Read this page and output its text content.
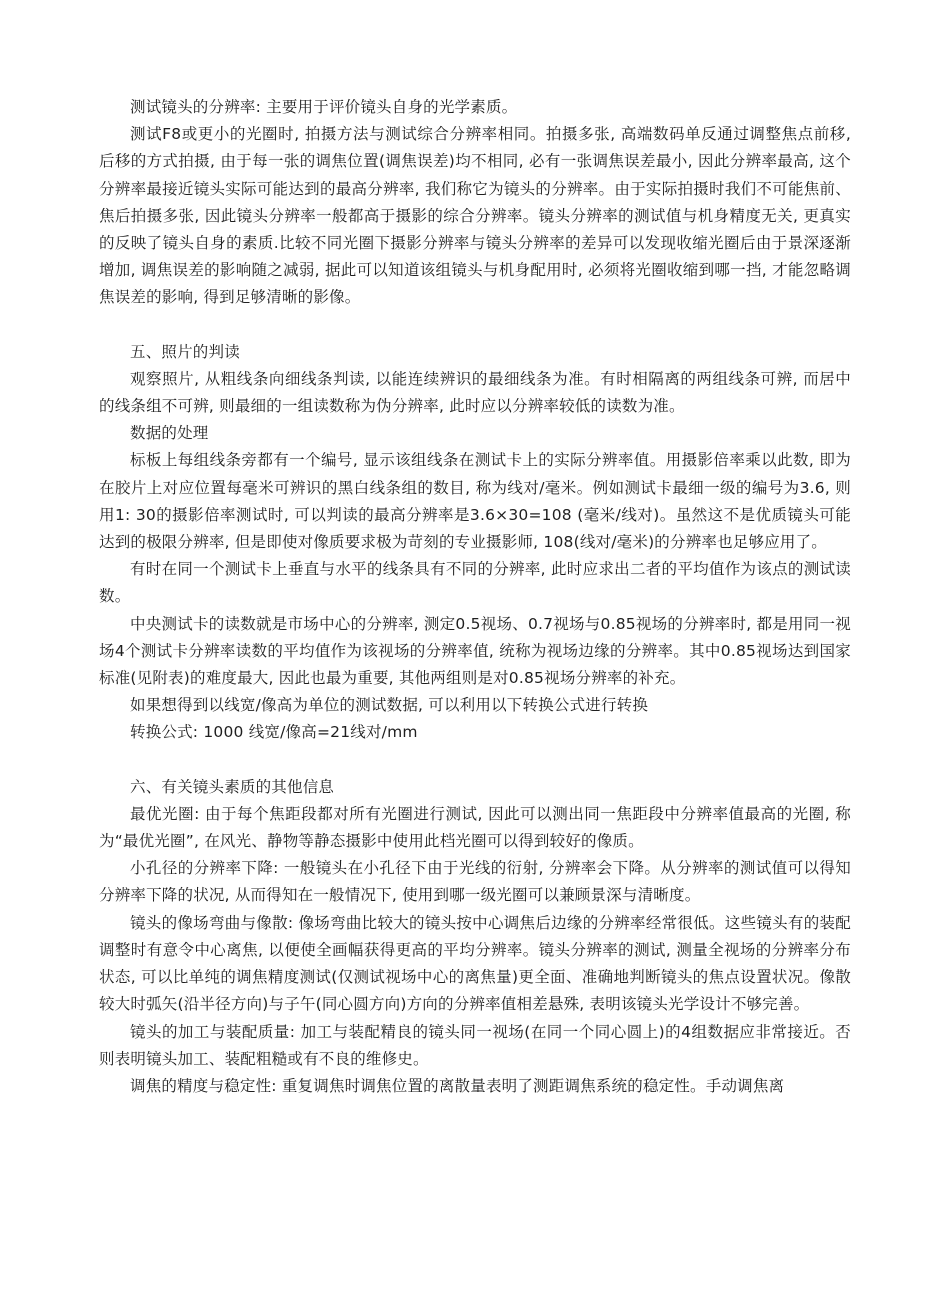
测试镜头的分辨率: 主要用于评价镜头自身的光学素质。

测试F8或更小的光圈时, 拍摄方法与测试综合分辨率相同。拍摄多张, 高端数码单反通过调整焦点前移, 后移的方式拍摄, 由于每一张的调焦位置(调焦误差)均不相同, 必有一张调焦误差最小, 因此分辨率最高, 这个分辨率最接近镜头实际可能达到的最高分辨率, 我们称它为镜头的分辨率。由于实际拍摄时我们不可能焦前、焦后拍摄多张, 因此镜头分辨率一般都高于摄影的综合分辨率。镜头分辨率的测试值与机身精度无关, 更真实的反映了镜头自身的素质.比较不同光圈下摄影分辨率与镜头分辨率的差异可以发现收缩光圈后由于景深逐渐增加, 调焦误差的影响随之减弱, 据此可以知道该组镜头与机身配用时, 必须将光圈收缩到哪一挡, 才能忽略调焦误差的影响, 得到足够清晰的影像。

五、照片的判读

观察照片, 从粗线条向细线条判读, 以能连续辨识的最细线条为准。有时相隔离的两组线条可辨, 而居中的线条组不可辨, 则最细的一组读数称为伪分辨率, 此时应以分辨率较低的读数为准。

数据的处理

标板上每组线条旁都有一个编号, 显示该组线条在测试卡上的实际分辨率值。用摄影倍率乘以此数, 即为在胶片上对应位置每毫米可辨识的黑白线条组的数目, 称为线对/毫米。例如测试卡最细一级的编号为3.6, 则用1: 30的摄影倍率测试时, 可以判读的最高分辨率是3.6×30=108 (毫米/线对)。虽然这不是优质镜头可能达到的极限分辨率, 但是即使对像质要求极为苛刻的专业摄影师, 108(线对/毫米)的分辨率也足够应用了。

有时在同一个测试卡上垂直与水平的线条具有不同的分辨率, 此时应求出二者的平均值作为该点的测试读数。

中央测试卡的读数就是市场中心的分辨率, 测定0.5视场、0.7视场与0.85视场的分辨率时, 都是用同一视场4个测试卡分辨率读数的平均值作为该视场的分辨率值, 统称为视场边缘的分辨率。其中0.85视场达到国家标准(见附表)的难度最大, 因此也最为重要, 其他两组则是对0.85视场分辨率的补充。

如果想得到以线宽/像高为单位的测试数据, 可以利用以下转换公式进行转换

转换公式: 1000 线宽/像高=21线对/mm

六、有关镜头素质的其他信息

最优光圈: 由于每个焦距段都对所有光圈进行测试, 因此可以测出同一焦距段中分辨率值最高的光圈, 称为“最优光圈”, 在风光、静物等静态摄影中使用此档光圈可以得到较好的像质。

小孔径的分辨率下降: 一般镜头在小孔径下由于光线的衍射, 分辨率会下降。从分辨率的测试值可以得知分辨率下降的状况, 从而得知在一般情况下, 使用到哪一级光圈可以兼顾景深与清晰度。

镜头的像场弯曲与像散: 像场弯曲比较大的镜头按中心调焦后边缘的分辨率经常很低。这些镜头有的装配调整时有意令中心离焦, 以便使全画幅获得更高的平均分辨率。镜头分辨率的测试, 测量全视场的分辨率分布状态, 可以比单纯的调焦精度测试(仅测试视场中心的离焦量)更全面、准确地判断镜头的焦点设置状况。像散较大时弧矢(沿半径方向)与子午(同心圆方向)方向的分辨率值相差悬殊, 表明该镜头光学设计不够完善。

镜头的加工与装配质量: 加工与装配精良的镜头同一视场(在同一个同心圆上)的4组数据应非常接近。否则表明镜头加工、装配粗糙或有不良的维修史。

调焦的精度与稳定性: 重复调焦时调焦位置的离散量表明了测距调焦系统的稳定性。手动调焦离
